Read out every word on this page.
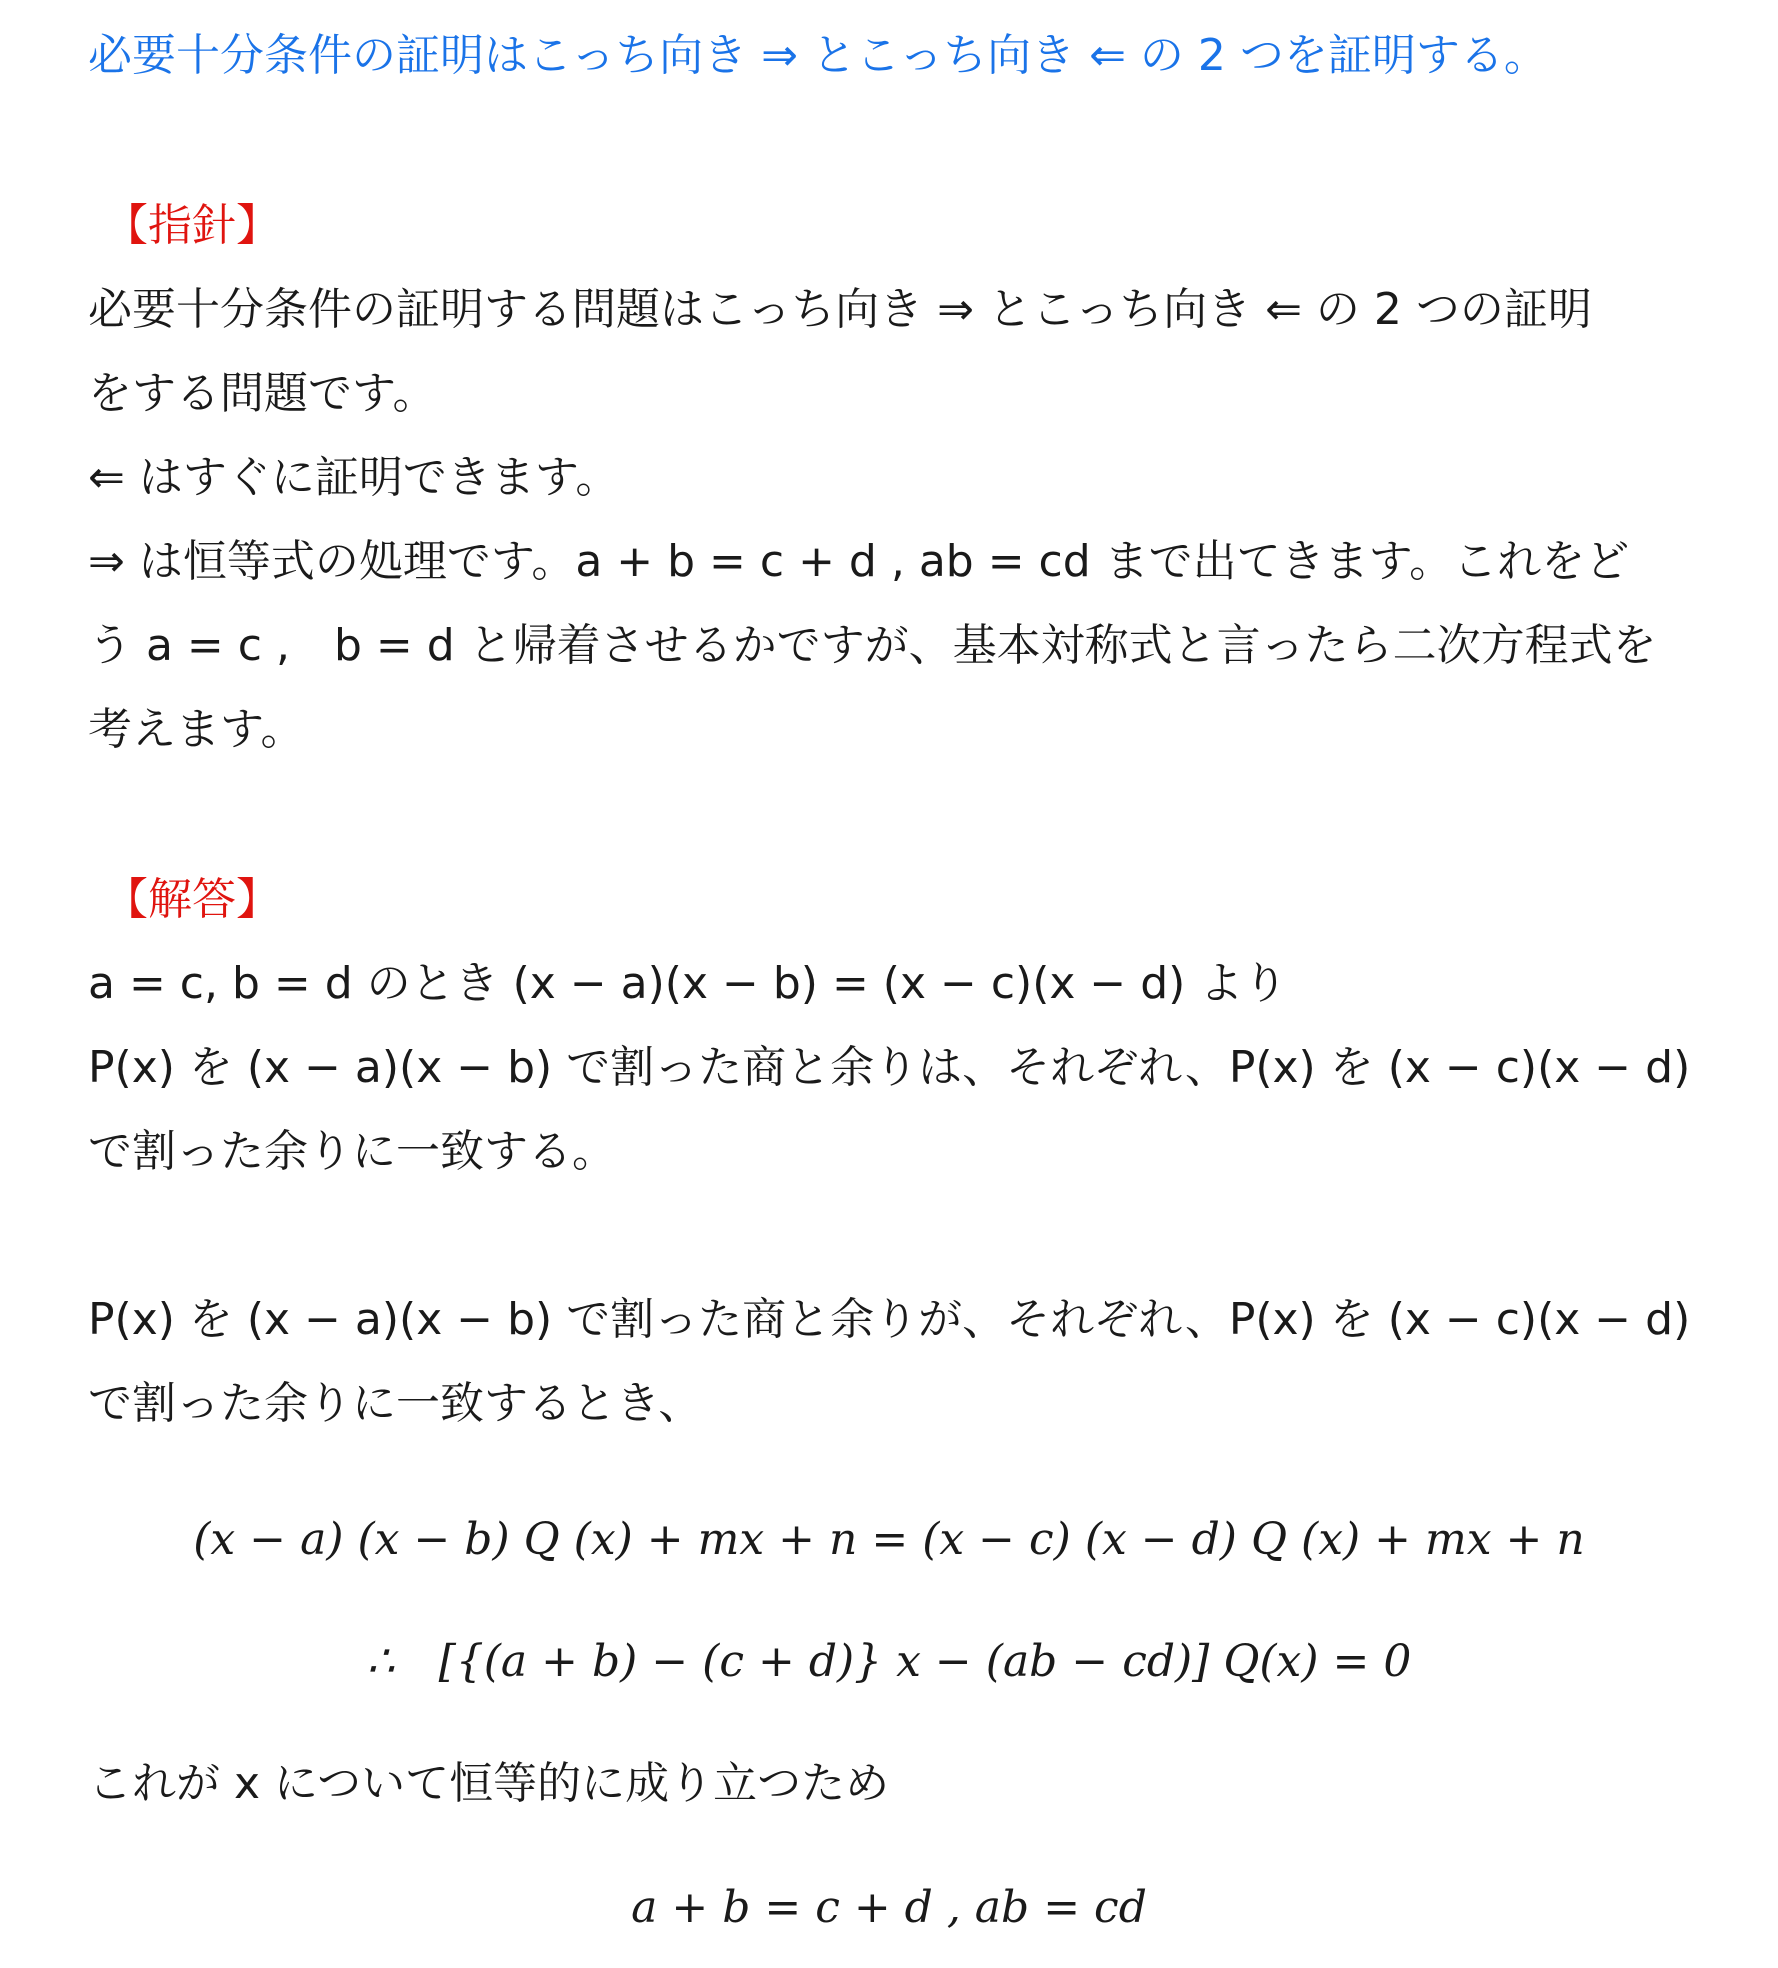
必要十分条件の証明はこっち向き ⇒ とこっち向き ⇐ の 2 つを証明する。
【指針】
必要十分条件の証明する問題はこっち向き ⇒ とこっち向き ⇐ の 2 つの証明
をする問題です。
⇐ はすぐに証明できます。
⇒ は恒等式の処理です。a + b = c + d , ab = cd まで出てきます。これをど
う a = c ,　b = d と帰着させるかですが、基本対称式と言ったら二次方程式を
考えます。
【解答】
a = c, b = d のとき (x − a)(x − b) = (x − c)(x − d) より
P(x) を (x − a)(x − b) で割った商と余りは、それぞれ、P(x) を (x − c)(x − d)
で割った余りに一致する。
P(x) を (x − a)(x − b) で割った商と余りが、それぞれ、P(x) を (x − c)(x − d)
で割った余りに一致するとき、
(x − a) (x − b) Q (x) + mx + n = (x − c) (x − d) Q (x) + mx + n
∴　[{(a + b) − (c + d)} x − (ab − cd)] Q(x) = 0
これが x について恒等的に成り立つため
a + b = c + d , ab = cd
